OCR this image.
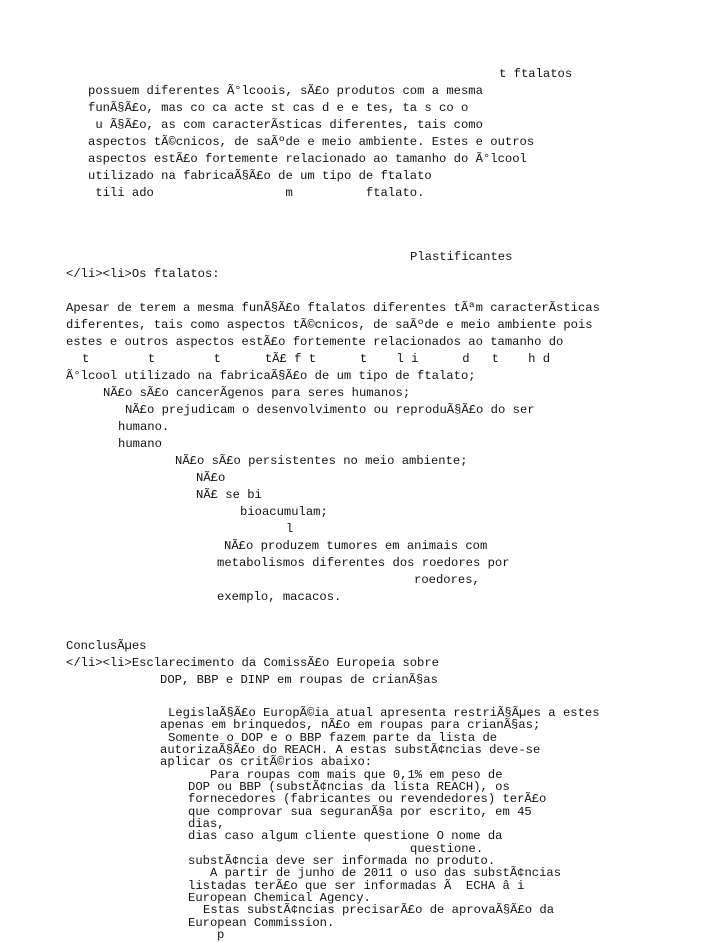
t ftalatos

possuem diferentes Ã°lcoois, sÃ£o produtos com a mesma

funÃ§Ã£o, mas co ca acte st cas d e e tes, ta s co o

u Ã§Ã£o, as com caracterÃsticas diferentes, tais como

aspectos tÃ©cnicos, de saÃºde e meio ambiente. Estes e outros

aspectos estÃ£o fortemente relacionado ao tamanho do Ã°lcool

utilizado na fabricaÃ§Ã£o de um tipo de ftalato

tili ado                  m          ftalato.

Plastificantes

</li><li>Os ftalatos:

Apesar de terem a mesma funÃ§Ã£o ftalatos diferentes tÃªm caracterÃsticas

diferentes, tais como aspectos tÃ©cnicos, de saÃºde e meio ambiente pois

estes e outros aspectos estÃ£o fortemente relacionados ao tamanho do

t        t        t      tÃ£ f t      t    l i      d   t    h d

Ã°lcool utilizado na fabricaÃ§Ã£o de um tipo de ftalato;

NÃ£o sÃ£o cancerÃgenos para seres humanos;

NÃ£o prejudicam o desenvolvimento ou reproduÃ§Ã£o do ser

humano.

humano

NÃ£o sÃ£o persistentes no meio ambiente;

NÃ£o

NÃ£ se bi

bioacumulam;

l

NÃ£o produzem tumores em animais com

metabolismos diferentes dos roedores por

roedores,

exemplo, macacos.

ConclusÃµes

</li><li>Esclarecimento da ComissÃ£o Europeia sobre

DOP, BBP e DINP em roupas de crianÃ§as

LegislaÃ§Ã£o EuropÃ©ia atual apresenta restriÃ§Ãµes a estes

apenas em brinquedos, nÃ£o em roupas para crianÃ§as;

Somente o DOP e o BBP fazem parte da lista de

autorizaÃ§Ã£o do REACH. A estas substÃ¢ncias deve-se

aplicar os critÃ©rios abaixo:

Para roupas com mais que 0,1% em peso de

DOP ou BBP (substÃ¢ncias da lista REACH), os

fornecedores (fabricantes ou revendedores) terÃ£o

que comprovar sua seguranÃ§a por escrito, em 45

dias,

dias caso algum cliente questione O nome da

questione.

substÃ¢ncia deve ser informada no produto.

A partir de junho de 2011 o uso das substÃ¢ncias

listadas terÃ£o que ser informadas Ã  ECHA â i

European Chemical Agency.

Estas substÃ¢ncias precisarÃ£o de aprovaÃ§Ã£o da

European Commission.

p
